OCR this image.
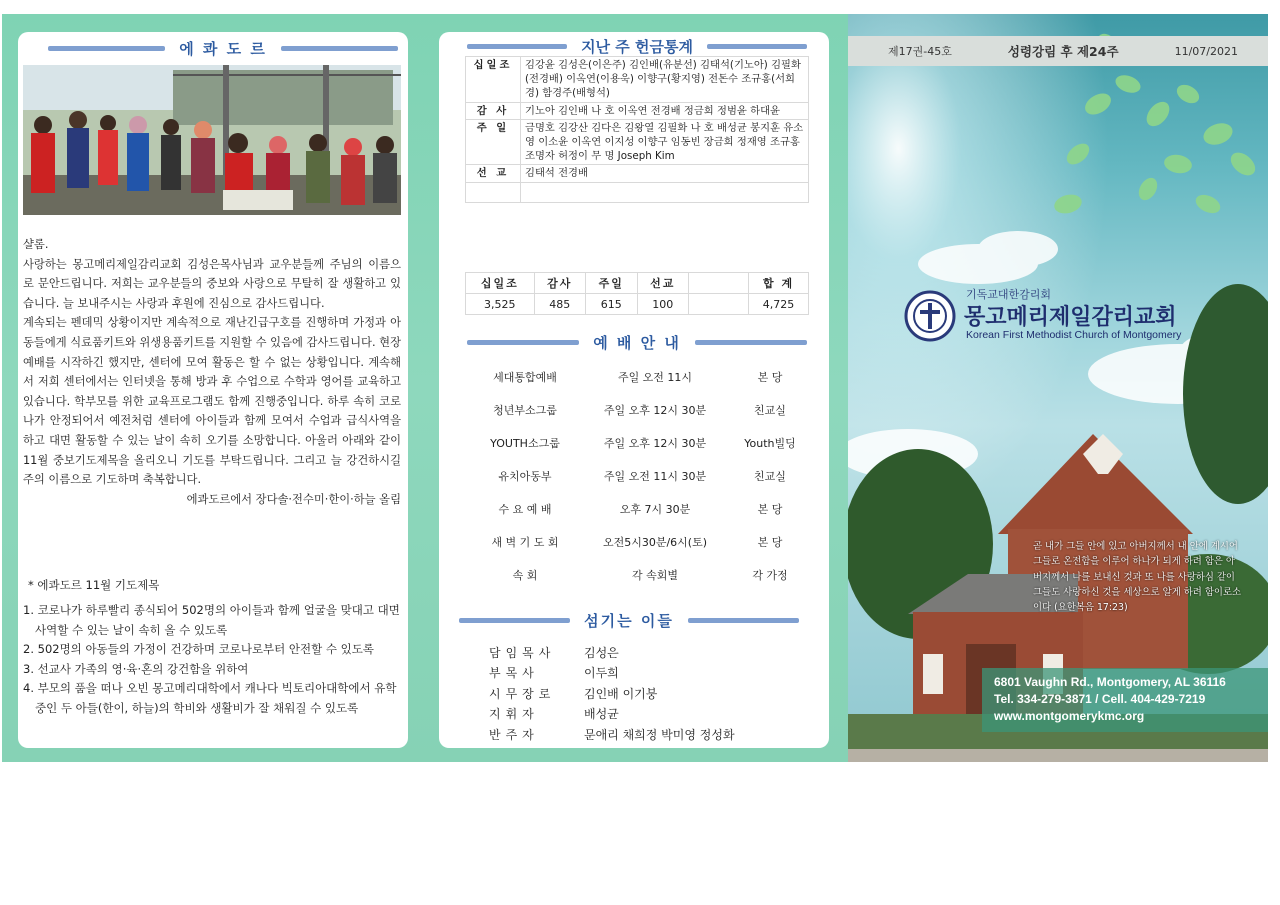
에 콰 도 르

샬롬.

사랑하는 몽고메리제일감리교회 김성은목사님과 교우분들께 주님의 이름으로 문안드립니다. 저희는 교우분들의 중보와 사랑으로 무탈히 잘 생활하고 있습니다. 늘 보내주시는 사랑과 후원에 진심으로 감사드립니다.

계속되는 펜데믹 상황이지만 계속적으로 재난긴급구호를 진행하며 가정과 아동들에게 식료품키트와 위생용품키트를 지원할 수 있음에 감사드립니다. 현장예배를 시작하긴 했지만, 센터에 모여 활동은 할 수 없는 상황입니다. 계속해서 저희 센터에서는 인터넷을 통해 방과 후 수업으로 수학과 영어를 교육하고 있습니다. 학부모를 위한 교육프로그램도 함께 진행중입니다. 하루 속히 코로나가 안정되어서 예전처럼 센터에 아이들과 함께 모여서 수업과 급식사역을 하고 대면 활동할 수 있는 날이 속히 오기를 소망합니다. 아울러 아래와 같이 11월 중보기도제목을 올리오니 기도를 부탁드립니다. 그리고 늘 강건하시길 주의 이름으로 기도하며 축복합니다.

에콰도르에서 장다솔·전수미·한이·하늘 올림

* 에콰도르 11월 기도제목
1. 코로나가 하루빨리 종식되어 502명의 아이들과 함께 얼굴을 맞대고 대면 사역할 수 있는 날이 속히 올 수 있도록
2. 502명의 아동들의 가정이 건강하며 코로나로부터 안전할 수 있도록
3. 선교사 가족의 영·육·혼의 강건함을 위하여
4. 부모의 품을 떠나 오빈 몽고메리대학에서 캐나다 빅토리아대학에서 유학중인 두 아들(한이, 하늘)의 학비와 생활비가 잘 채워질 수 있도록
지난 주 헌금통계
십일조	김강윤 김성은(이은주) 김인배(유분선) 김태석(기노아) 김필화(전경배) 이옥연(이용욱) 이향구(황지영) 전돈수 조규홍(서희경) 함경주(배형석)
감 사	기노아 김인배 나 호 이옥연 전경배 정금희 정범윤 하대윤
주 일	금명호 김강산 김다은 김왕열 김필화 나 호 배성균 봉지훈 유소영 이소윤 이옥연 이지성 이향구 임동빈 장금희 정재영 조규홍 조명자 허정이 무 명 Joseph Kim
선 교	김태석 전경배

십일조	감사	주일	선교		합 계
3,525	485	615	100		4,725
예 배 안 내
세대통합예배	주일 오전 11시	본 당
청년부소그룹	주일 오후 12시 30분	친교실
YOUTH소그룹	주일 오후 12시 30분	Youth빌딩
유치아동부	주일 오전 11시 30분	친교실
수 요 예 배	오후 7시 30분	본 당
새 벽 기 도 회	오전5시30분/6시(토)	본 당
속 회	각 속회별	각 가정
섬기는 이들
담임목사	김성은
부목사	이두희
시무장로	김인배 이기붕
지휘자	배성균
반주자	문애리 채희정 박미영 정성화
제17권-45호	성령강림 후 제24주	11/07/2021
기독교대한감리회
몽고메리제일감리교회
Korean First Methodist Church of Montgomery
곧 내가 그들 안에 있고 아버지께서 내 안에 계시어 그들로 온전함을 이루어 하나가 되게 하려 함은 아버지께서 나를 보내신 것과 또 나를 사랑하심 같이 그들도 사랑하신 것을 세상으로 알게 하려 함이로소이다 (요한복음 17:23)
6801 Vaughn Rd., Montgomery, AL 36116
Tel. 334-279-3871 / Cell. 404-429-7219
www.montgomerykmc.org
